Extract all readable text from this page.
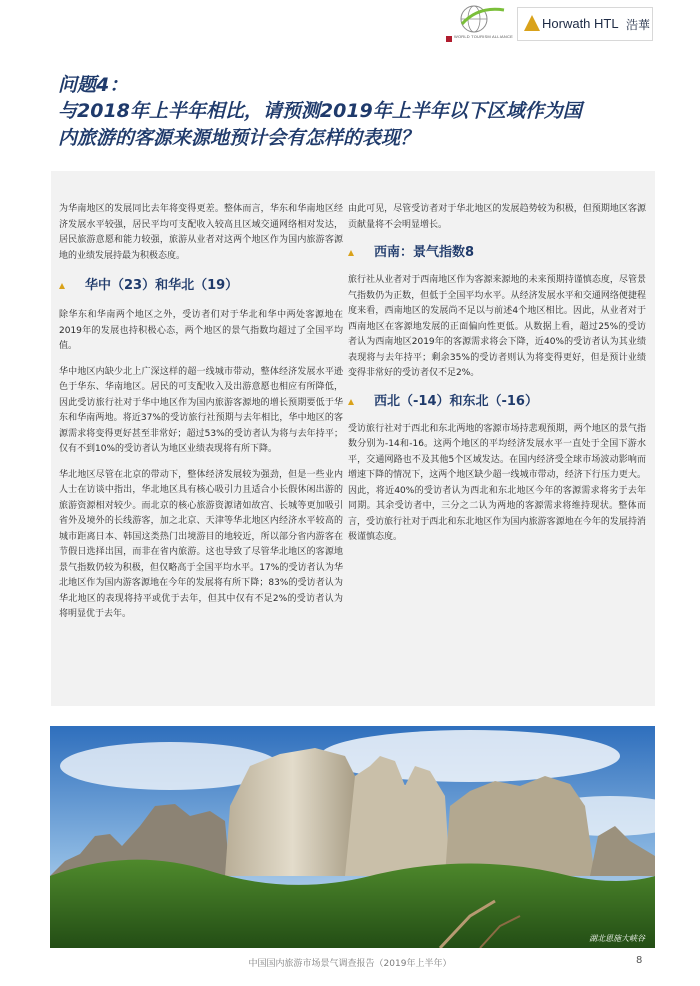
WORLD TOURISM ALLIANCE
Horwath HTL 浩華
问题4：
与2018年上半年相比，请预测2019年上半年以下区域作为国
内旅游的客源来源地预计会有怎样的表现？

为华南地区的发展同比去年将变得更差。整体而言，华东和华南地区经济发展水平较强，居民平均可支配收入较高且区域交通网络相对发达，居民旅游意愿和能力较强，旅游从业者对这两个地区作为国内旅游客源地的业绩发展持最为积极态度。

华中（23）和华北（19）

除华东和华南两个地区之外，受访者们对于华北和华中两处客源地在2019年的发展也持积极心态，两个地区的景气指数均超过了全国平均值。

华中地区内缺少北上广深这样的超一线城市带动，整体经济发展水平逊色于华东、华南地区。居民的可支配收入及出游意愿也相应有所降低，因此受访旅行社对于华中地区作为国内旅游客源地的增长预期要低于华东和华南两地。将近37%的受访旅行社预期与去年相比，华中地区的客源需求将变得更好甚至非常好；超过53%的受访者认为将与去年持平；仅有不到10%的受访者认为地区业绩表现将有所下降。

华北地区尽管在北京的带动下，整体经济发展较为强劲，但是一些业内人士在访谈中指出，华北地区具有核心吸引力且适合小长假休闲出游的旅游资源相对较少。而北京的核心旅游资源诸如故宫、长城等更加吸引省外及境外的长线游客，加之北京、天津等华北地区内经济水平较高的城市距离日本、韩国这类热门出境游目的地较近，所以部分省内游客在节假日选择出国，而非在省内旅游。这也导致了尽管华北地区的客源地景气指数仍较为积极，但仅略高于全国平均水平。17%的受访者认为华北地区作为国内游客源地在今年的发展将有所下降；83%的受访者认为华北地区的表现将持平或优于去年，但其中仅有不足2%的受访者认为将明显优于去年。

由此可见，尽管受访者对于华北地区的发展趋势较为积极，但预期地区客源贡献量将不会明显增长。

西南：景气指数8

旅行社从业者对于西南地区作为客源来源地的未来预期持谨慎态度，尽管景气指数仍为正数，但低于全国平均水平。从经济发展水平和交通网络便捷程度来看，西南地区的发展尚不足以与前述4个地区相比。因此，从业者对于西南地区在客源地发展的正面偏向性更低。从数据上看，超过25%的受访者认为西南地区2019年的客源需求将会下降，近40%的受访者认为其业绩表现将与去年持平；剩余35%的受访者则认为将变得更好，但是预计业绩变得非常好的受访者仅不足2%。

西北（-14）和东北（-16）

受访旅行社对于西北和东北两地的客源市场持悲观预期，两个地区的景气指数分别为-14和-16。这两个地区的平均经济发展水平一直处于全国下游水平，交通网路也不及其他5个区域发达。在国内经济受全球市场波动影响而增速下降的情况下，这两个地区缺少超一线城市带动，经济下行压力更大。因此，将近40%的受访者认为西北和东北地区今年的客源需求将劣于去年同期。其余受访者中，三分之二认为两地的客源需求将维持现状。整体而言，受访旅行社对于西北和东北地区作为国内旅游客源地在今年的发展持消极谨慎态度。

湖北恩施大峡谷
中国国内旅游市场景气调查报告（2019年上半年）	8
